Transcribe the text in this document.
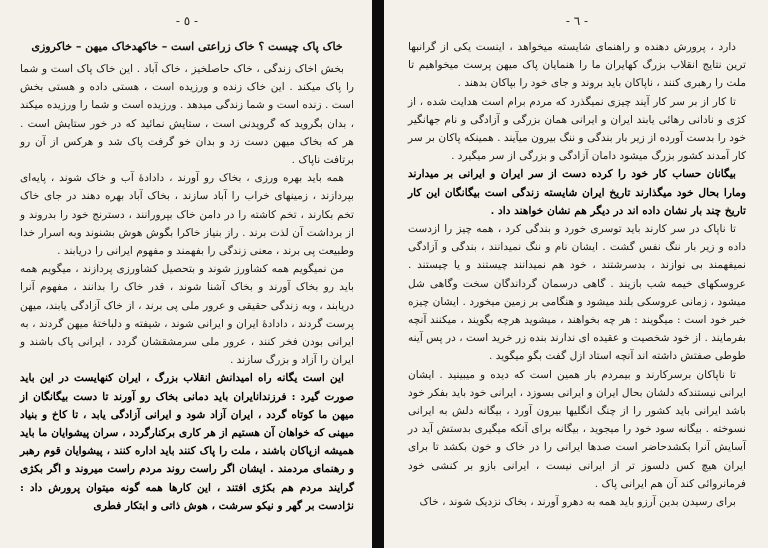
- ٥ -
خاک پاک چیست ؟ خاک زراعتی است – خاکهدخاک میهن – خاکروزی

بخش اخاک زندگی ، خاک حاصلخیز ، خاک آباد . این خاک پاک است و شما را پاک میکند . این خاک زنده و ورزیده است ، هستی داده و هستی بخش است . زنده است و شما زندگی میدهد . ورزیده است و شما را ورزیده میکند ، بدان بگروید که گرویدنی است ، ستایش نمائید که در خور ستایش است . هر که بخاک میهن دست زد و بدان خو گرفت پاک شد و هرکس از آن رو برتافت ناپاک .

همه باید بهره ورزی ، بخاک رو آورند ، دادادهٔ آب و خاک شوند ، پایه‌ای بپردازند ، زمینهای خراب را آباد سازند ، بخاک آباد بهره دهند در جای خاک تخم بکارند ، تخم کاشته را در دامن خاک بپرورانند ، دسترنج خود را بدروند و از برداشت آن لذت برند . راز بنیاز خاکرا بگوش هوش بشنوند وبه اسرار خدا وطبیعت پی برند ، معنی زندگی را بفهمند و مفهوم ایرانی را دریابند .

من نمیگویم همه کشاورز شوند و بتحصیل کشاورزی پردازند ، میگویم همه باید رو بخاک آورند و بخاک آشنا شوند ، قدر خاک را بدانند ، مفهوم آنرا دریابند ، وبه زندگی حقیقی و عرور ملی پی برند ، از خاک آزادگی یابند، میهن پرست گردند ، دادادهٔ ایران و ایرانی شوند ، شیفته و دلباختهٔ میهن گردند ، به ایرانی بودن فخر کنند ، عرور ملی سرمشقشان گردد ، ایرانی پاک باشند و ایران را آزاد و بزرگ سازند .

این است یگانه راه امیدانش انقلاب بزرگ ، ایران کنهایست در این باید صورت گیرد : فرزندانایران باید دمانی بخاک رو آورند تا دست بیگانگان از میهن ما کوتاه گردد ، ایران آزاد شود و ایرانی آزادگی یابد ، تا کاخ و بنیاد میهنی که خواهان آن هستیم از هر کاری برکنارگردد ، سران پیشوایان ما باید همیشه ازپاکان باشند ، ملت را پاک کنند باید اداره کنند ، پیشوایان قوم رهبر و رهنمای مردمند . ایشان اگر راست روند مردم راست میروند و اگر بکژی گرایند مردم هم بکژی افتند ، این کارها همه گونه میتوان پرورش داد : نژادست بر گهر و نیکو سرشت ، هوش ذاتی و ابتکار فطری

- ٦ -

دارد ، پرورش دهنده و راهنمای شایسته میخواهد ، اینست یکی از گرانبها ترین نتایج انقلاب بزرگ کهایران ما را هنمایان پاک میهن پرست میخواهیم تا ملت را رهبری کنند ، ناپاکان باید بروند و جای خود را بپاکان بدهند .

تا کار از بر سر کار آیند چیزی نمیگذرد که مردم برام است هدایت شده ، از کژی و نادانی رهائی یابند ایران و ایرانی همان بزرگی و آزادگی و نام جهانگیر خود را بدست آورده از زیر بار بندگی و ننگ بیرون میآیند . همینکه پاکان بر سر کار آمدند کشور بزرگ میشود دامان آزادگی و بزرگی از سر میگیرد .

بیگانان حساب کار خود را کرده دست از سر ایران و ایرانی بر میدارند ومارا بحال خود میگذارند تاریخ ایران شایسته زندگی است بیگانگان این کار تاریخ چند بار نشان داده اند در دیگر هم نشان خواهند داد .

تا ناپاک در سر کارند باید توسری خورد و بندگی کرد ، همه چیز را ازدست داده و زیر بار ننگ نفس گشت . ایشان نام و ننگ نمیدانند ، بندگی و آزادگی نمیفهمند بی نوازند ، بدسرشتند ، خود هم نمیدانند چیستند و یا چیستند . عروسکهای خیمه شب بازیند . گاهی درسمان گرداندگان سخت وگاهی شل میشود ، زمانی عروسکی بلند میشود و هنگامی بر زمین میخورد . ایشان چیزه خبر خود است : میگویند : هر چه بخواهند ، میشوید هرچه بگویند ، میکنند آنچه بفرمایند . از خود شخصیت و عقیده ای ندارند بنده زر خرید است ، در پس آینه طوطی صفتش داشته اند آنچه استاد ازل گفت بگو میگوید .

تا ناپاکان برسرکارند و بیمردم بار همین است که دیده و میبینید . ایشان ایرانی نیستندکه دلشان بحال ایران و ایرانی بسوزد ، ایرانی خود باید بفکر خود باشد ایرانی باید کشور را از چنگ انگلیها بیرون آورد ، بیگانه دلش به ایرانی نسوخته . بیگانه سود خود را میجوید ، بیگانه برای آنکه میگیری بدستش آید در آسایش آنرا بکشدحاضر است صدها ایرانی را در خاک و خون بکشد تا برای ایران هیچ کس دلسوز تر از ایرانی نیست ، ایرانی بازو بر کنشی خود فرمانروائی کند آن هم ایرانی پاک .

برای رسیدن بدین آرزو باید همه به دهرو آورند ، بخاک نزدیک شوند ، خاک
